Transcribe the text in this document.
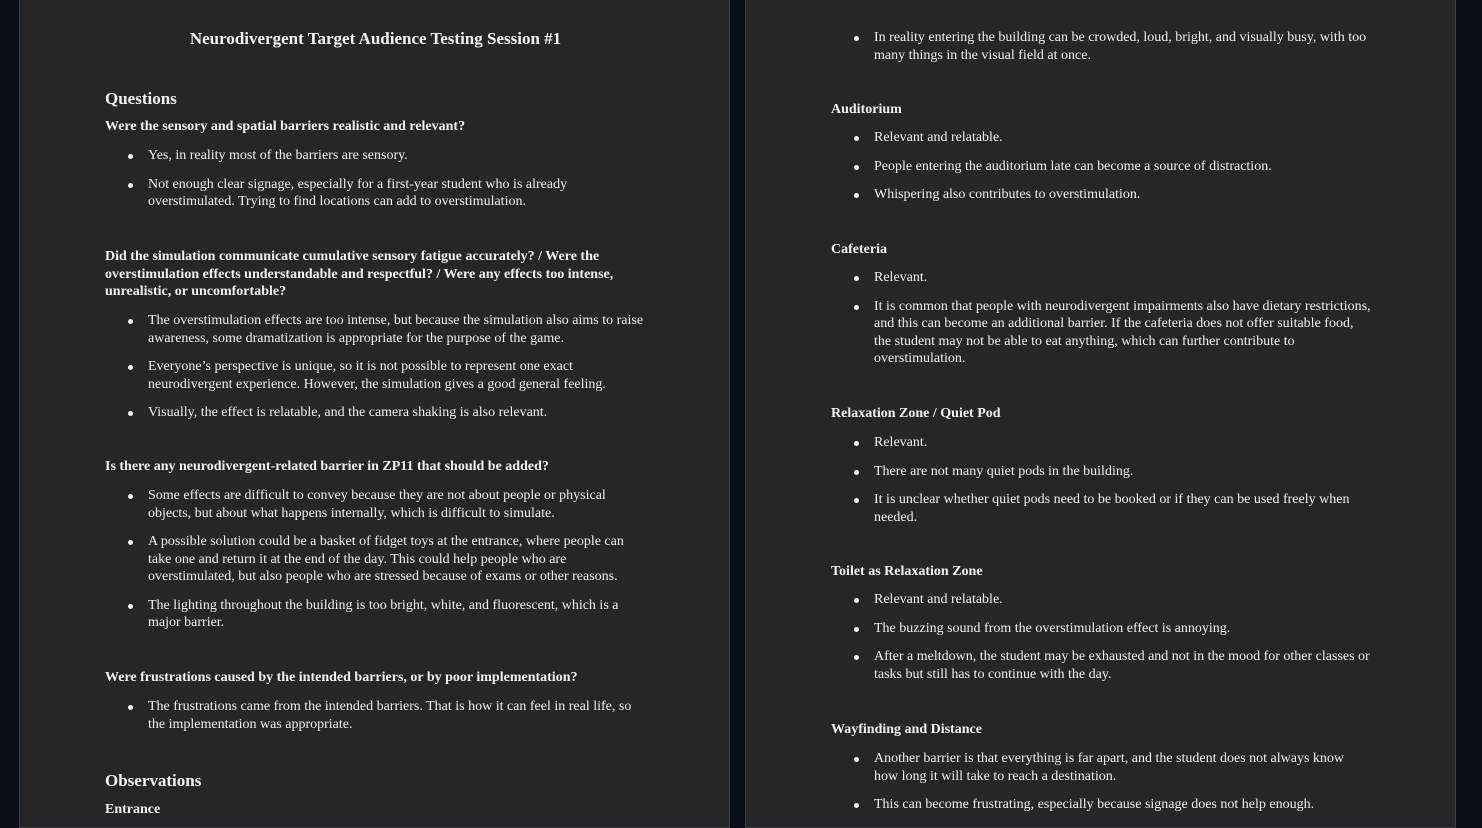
Neurodivergent Target Audience Testing Session #1
Questions
Were the sensory and spatial barriers realistic and relevant?
Yes, in reality most of the barriers are sensory.
Not enough clear signage, especially for a first-year student who is already overstimulated. Trying to find locations can add to overstimulation.
Did the simulation communicate cumulative sensory fatigue accurately? / Were the overstimulation effects understandable and respectful? / Were any effects too intense, unrealistic, or uncomfortable?
The overstimulation effects are too intense, but because the simulation also aims to raise awareness, some dramatization is appropriate for the purpose of the game.
Everyone’s perspective is unique, so it is not possible to represent one exact neurodivergent experience. However, the simulation gives a good general feeling.
Visually, the effect is relatable, and the camera shaking is also relevant.
Is there any neurodivergent-related barrier in ZP11 that should be added?
Some effects are difficult to convey because they are not about people or physical objects, but about what happens internally, which is difficult to simulate.
A possible solution could be a basket of fidget toys at the entrance, where people can take one and return it at the end of the day. This could help people who are overstimulated, but also people who are stressed because of exams or other reasons.
The lighting throughout the building is too bright, white, and fluorescent, which is a major barrier.
Were frustrations caused by the intended barriers, or by poor implementation?
The frustrations came from the intended barriers. That is how it can feel in real life, so the implementation was appropriate.
Observations
Entrance
In reality entering the building can be crowded, loud, bright, and visually busy, with too many things in the visual field at once.
Auditorium
Relevant and relatable.
People entering the auditorium late can become a source of distraction.
Whispering also contributes to overstimulation.
Cafeteria
Relevant.
It is common that people with neurodivergent impairments also have dietary restrictions, and this can become an additional barrier. If the cafeteria does not offer suitable food, the student may not be able to eat anything, which can further contribute to overstimulation.
Relaxation Zone / Quiet Pod
Relevant.
There are not many quiet pods in the building.
It is unclear whether quiet pods need to be booked or if they can be used freely when needed.
Toilet as Relaxation Zone
Relevant and relatable.
The buzzing sound from the overstimulation effect is annoying.
After a meltdown, the student may be exhausted and not in the mood for other classes or tasks but still has to continue with the day.
Wayfinding and Distance
Another barrier is that everything is far apart, and the student does not always know how long it will take to reach a destination.
This can become frustrating, especially because signage does not help enough.
